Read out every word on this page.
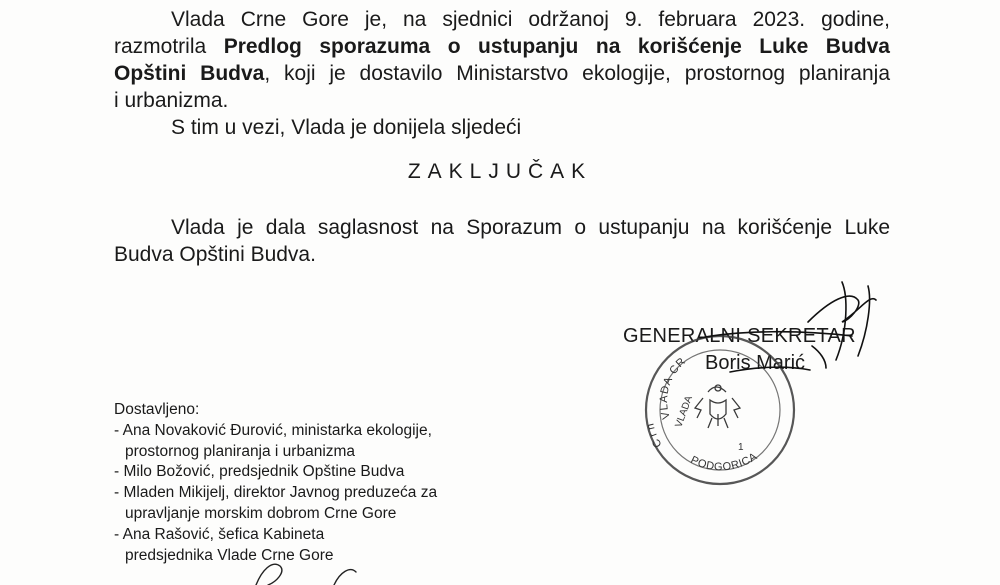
Vlada Crne Gore je, na sjednici održanoj 9. februara 2023. godine,
razmotrila Predlog sporazuma o ustupanju na korišćenje Luke Budva
Opštini Budva, koji je dostavilo Ministarstvo ekologije, prostornog planiranja
i urbanizma.
S tim u vezi, Vlada je donijela sljedeći
ZAKLJUČAK
Vlada je dala saglasnost na Sporazum o ustupanju na korišćenje Luke
Budva Opštini Budva.
GENERALNI SEKRETAR
Boris Marić
Dostavljeno:
- Ana Novaković Đurović, ministarka ekologije,
prostornog planiranja i urbanizma
- Milo Božović, predsjednik Opštine Budva
- Mladen Mikijelj, direktor Javnog preduzeća za
upravljanje morskim dobrom Crne Gore
- Ana Rašović, šefica Kabineta
predsjednika Vlade Crne Gore
C r n
VLADA CR
VLADA
1
PODGORICA
